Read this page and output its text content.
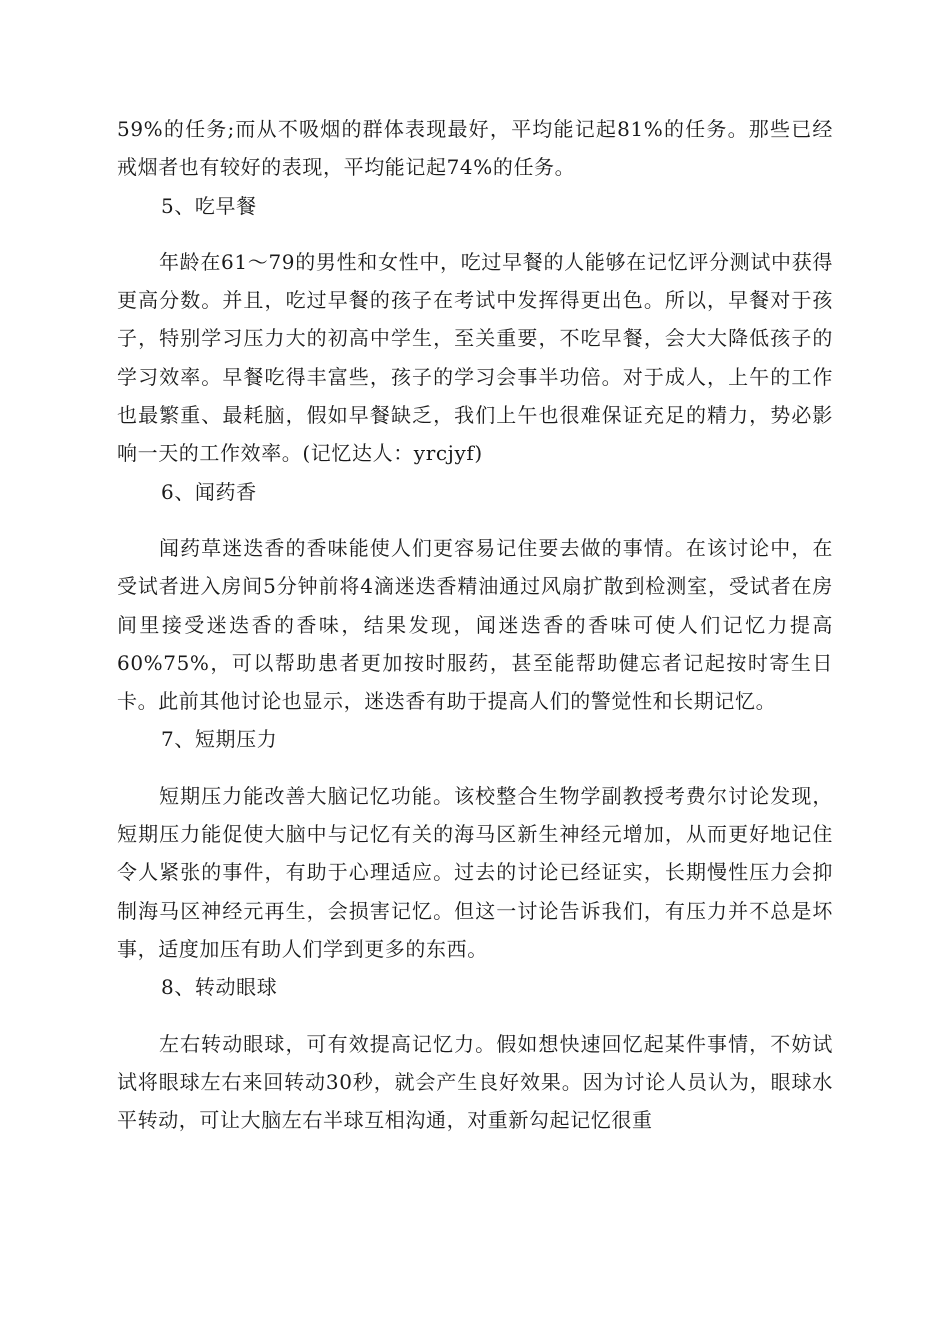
59%的任务;而从不吸烟的群体表现最好，平均能记起81%的任务。那些已经戒烟者也有较好的表现，平均能记起74%的任务。

5、吃早餐

年龄在61～79的男性和女性中，吃过早餐的人能够在记忆评分测试中获得更高分数。并且，吃过早餐的孩子在考试中发挥得更出色。所以，早餐对于孩子，特别学习压力大的初高中学生，至关重要，不吃早餐，会大大降低孩子的学习效率。早餐吃得丰富些，孩子的学习会事半功倍。对于成人，上午的工作也最繁重、最耗脑，假如早餐缺乏，我们上午也很难保证充足的精力，势必影响一天的工作效率。(记忆达人：yrcjyf)

6、闻药香

闻药草迷迭香的香味能使人们更容易记住要去做的事情。在该讨论中，在受试者进入房间5分钟前将4滴迷迭香精油通过风扇扩散到检测室，受试者在房间里接受迷迭香的香味，结果发现，闻迷迭香的香味可使人们记忆力提高60%75%，可以帮助患者更加按时服药，甚至能帮助健忘者记起按时寄生日卡。此前其他讨论也显示，迷迭香有助于提高人们的警觉性和长期记忆。

7、短期压力

短期压力能改善大脑记忆功能。该校整合生物学副教授考费尔讨论发现，短期压力能促使大脑中与记忆有关的海马区新生神经元增加，从而更好地记住令人紧张的事件，有助于心理适应。过去的讨论已经证实，长期慢性压力会抑制海马区神经元再生，会损害记忆。但这一讨论告诉我们，有压力并不总是坏事，适度加压有助人们学到更多的东西。

8、转动眼球

左右转动眼球，可有效提高记忆力。假如想快速回忆起某件事情，不妨试试将眼球左右来回转动30秒，就会产生良好效果。因为讨论人员认为，眼球水平转动，可让大脑左右半球互相沟通，对重新勾起记忆很重
